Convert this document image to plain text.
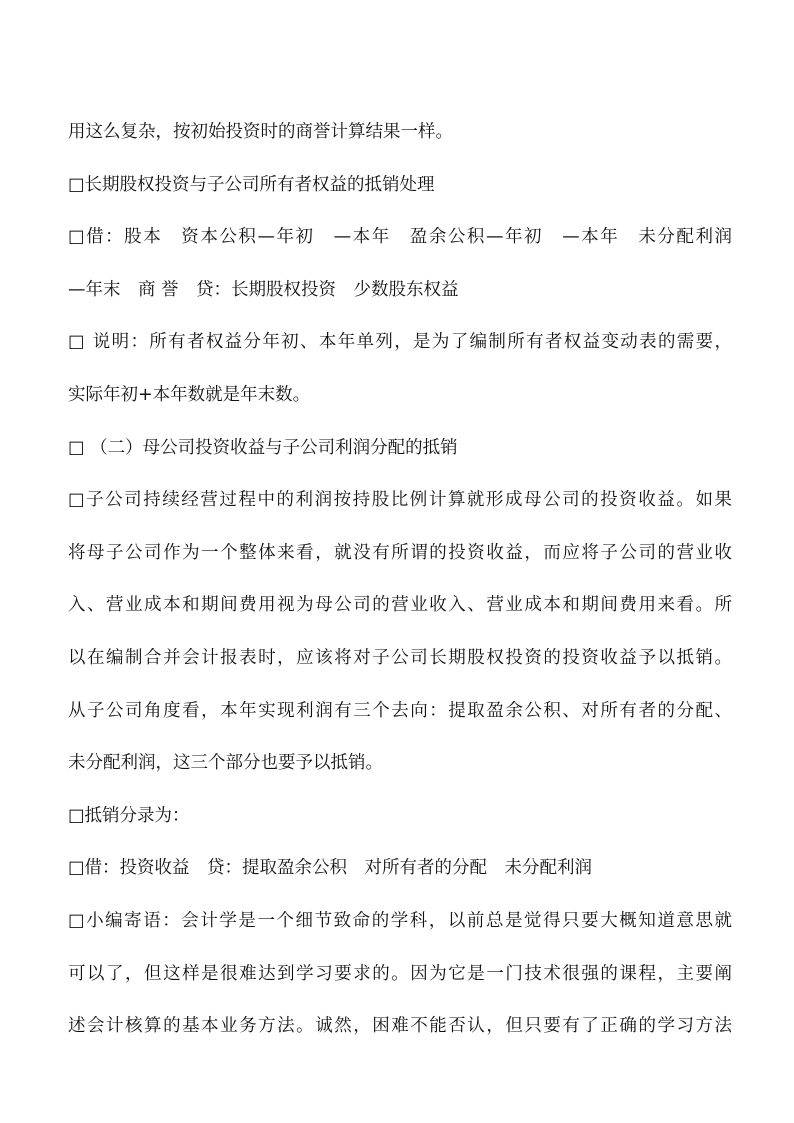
用这么复杂，按初始投资时的商誉计算结果一样。
□长期股权投资与子公司所有者权益的抵销处理
□借：股本　资本公积—年初　—本年　盈余公积—年初　—本年　未分配利润
—年末　商 誉　贷：长期股权投资　少数股东权益
□ 说明：所有者权益分年初、本年单列，是为了编制所有者权益变动表的需要，
实际年初+本年数就是年末数。
□ （二）母公司投资收益与子公司利润分配的抵销
□子公司持续经营过程中的利润按持股比例计算就形成母公司的投资收益。如果
将母子公司作为一个整体来看，就没有所谓的投资收益，而应将子公司的营业收
入、营业成本和期间费用视为母公司的营业收入、营业成本和期间费用来看。所
以在编制合并会计报表时，应该将对子公司长期股权投资的投资收益予以抵销。
从子公司角度看，本年实现利润有三个去向：提取盈余公积、对所有者的分配、
未分配利润，这三个部分也要予以抵销。
□抵销分录为：
□借：投资收益　贷：提取盈余公积　对所有者的分配　未分配利润
□小编寄语：会计学是一个细节致命的学科，以前总是觉得只要大概知道意思就
可以了，但这样是很难达到学习要求的。因为它是一门技术很强的课程，主要阐
述会计核算的基本业务方法。诚然，困难不能否认，但只要有了正确的学习方法
